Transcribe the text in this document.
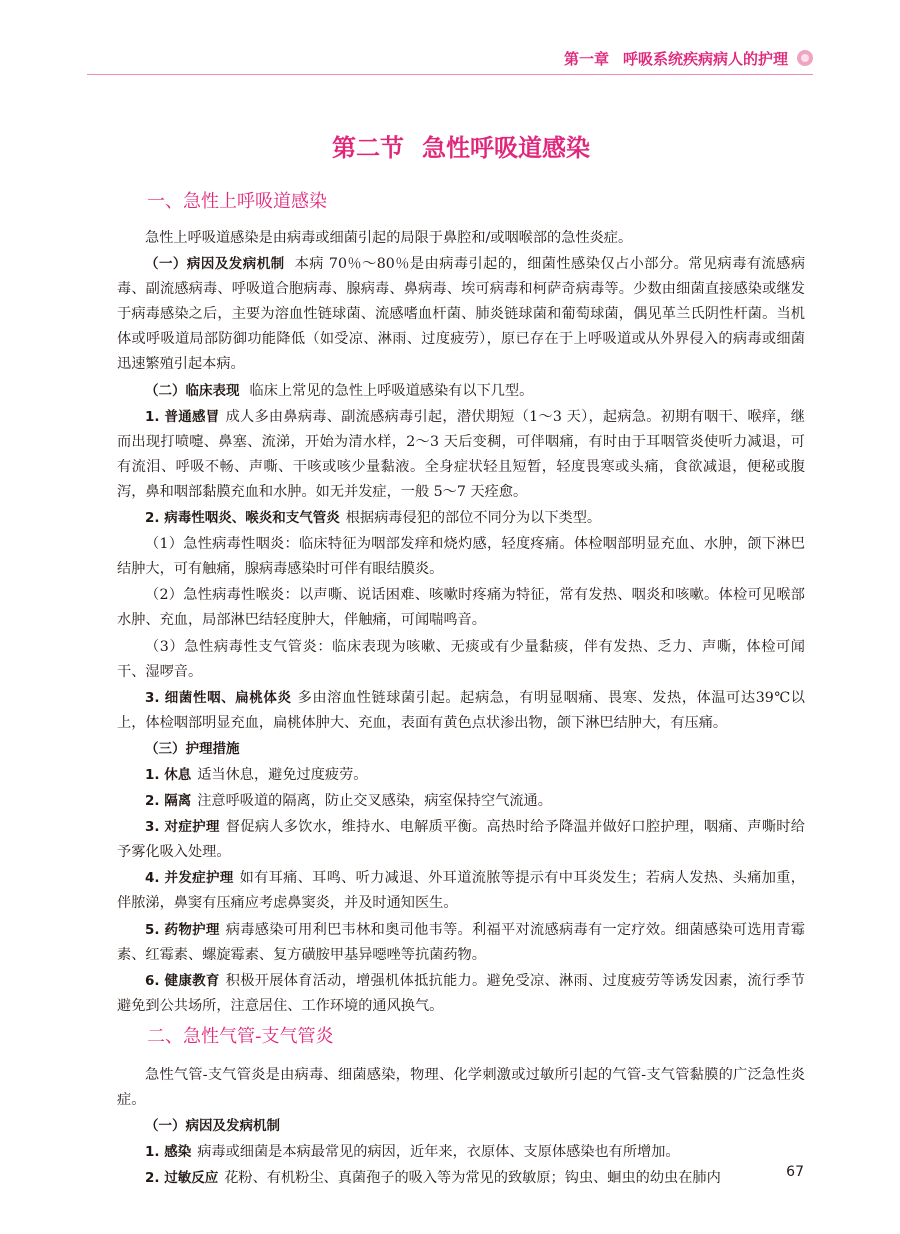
第一章 呼吸系统疾病病人的护理
第二节 急性呼吸道感染
一、急性上呼吸道感染

急性上呼吸道感染是由病毒或细菌引起的局限于鼻腔和/或咽喉部的急性炎症。

（一）病因及发病机制 本病 70％～80％是由病毒引起的，细菌性感染仅占小部分。常见病毒有流感病毒、副流感病毒、呼吸道合胞病毒、腺病毒、鼻病毒、埃可病毒和柯萨奇病毒等。少数由细菌直接感染或继发于病毒感染之后，主要为溶血性链球菌、流感嗜血杆菌、肺炎链球菌和葡萄球菌，偶见革兰氏阴性杆菌。当机体或呼吸道局部防御功能降低（如受凉、淋雨、过度疲劳），原已存在于上呼吸道或从外界侵入的病毒或细菌迅速繁殖引起本病。

（二）临床表现 临床上常见的急性上呼吸道感染有以下几型。

1. 普通感冒 成人多由鼻病毒、副流感病毒引起，潜伏期短（1～3 天），起病急。初期有咽干、喉痒，继而出现打喷嚏、鼻塞、流涕，开始为清水样，2～3 天后变稠，可伴咽痛，有时由于耳咽管炎使听力减退，可有流泪、呼吸不畅、声嘶、干咳或咳少量黏液。全身症状轻且短暂，轻度畏寒或头痛，食欲减退，便秘或腹泻，鼻和咽部黏膜充血和水肿。如无并发症，一般 5～7 天痊愈。

2. 病毒性咽炎、喉炎和支气管炎 根据病毒侵犯的部位不同分为以下类型。

（1）急性病毒性咽炎：临床特征为咽部发痒和烧灼感，轻度疼痛。体检咽部明显充血、水肿，颌下淋巴结肿大，可有触痛，腺病毒感染时可伴有眼结膜炎。

（2）急性病毒性喉炎：以声嘶、说话困难、咳嗽时疼痛为特征，常有发热、咽炎和咳嗽。体检可见喉部水肿、充血，局部淋巴结轻度肿大，伴触痛，可闻喘鸣音。

（3）急性病毒性支气管炎：临床表现为咳嗽、无痰或有少量黏痰，伴有发热、乏力、声嘶，体检可闻干、湿啰音。

3. 细菌性咽、扁桃体炎 多由溶血性链球菌引起。起病急，有明显咽痛、畏寒、发热，体温可达39℃以上，体检咽部明显充血，扁桃体肿大、充血，表面有黄色点状渗出物，颌下淋巴结肿大，有压痛。

（三）护理措施

1. 休息 适当休息，避免过度疲劳。

2. 隔离 注意呼吸道的隔离，防止交叉感染，病室保持空气流通。

3. 对症护理 督促病人多饮水，维持水、电解质平衡。高热时给予降温并做好口腔护理，咽痛、声嘶时给予雾化吸入处理。

4. 并发症护理 如有耳痛、耳鸣、听力减退、外耳道流脓等提示有中耳炎发生；若病人发热、头痛加重，伴脓涕，鼻窦有压痛应考虑鼻窦炎，并及时通知医生。

5. 药物护理 病毒感染可用利巴韦林和奥司他韦等。利福平对流感病毒有一定疗效。细菌感染可选用青霉素、红霉素、螺旋霉素、复方磺胺甲基异噁唑等抗菌药物。

6. 健康教育 积极开展体育活动，增强机体抵抗能力。避免受凉、淋雨、过度疲劳等诱发因素，流行季节避免到公共场所，注意居住、工作环境的通风换气。

二、急性气管-支气管炎

急性气管-支气管炎是由病毒、细菌感染，物理、化学刺激或过敏所引起的气管-支气管黏膜的广泛急性炎症。

（一）病因及发病机制

1. 感染 病毒或细菌是本病最常见的病因，近年来，衣原体、支原体感染也有所增加。

2. 过敏反应 花粉、有机粉尘、真菌孢子的吸入等为常见的致敏原；钩虫、蛔虫的幼虫在肺内	67
